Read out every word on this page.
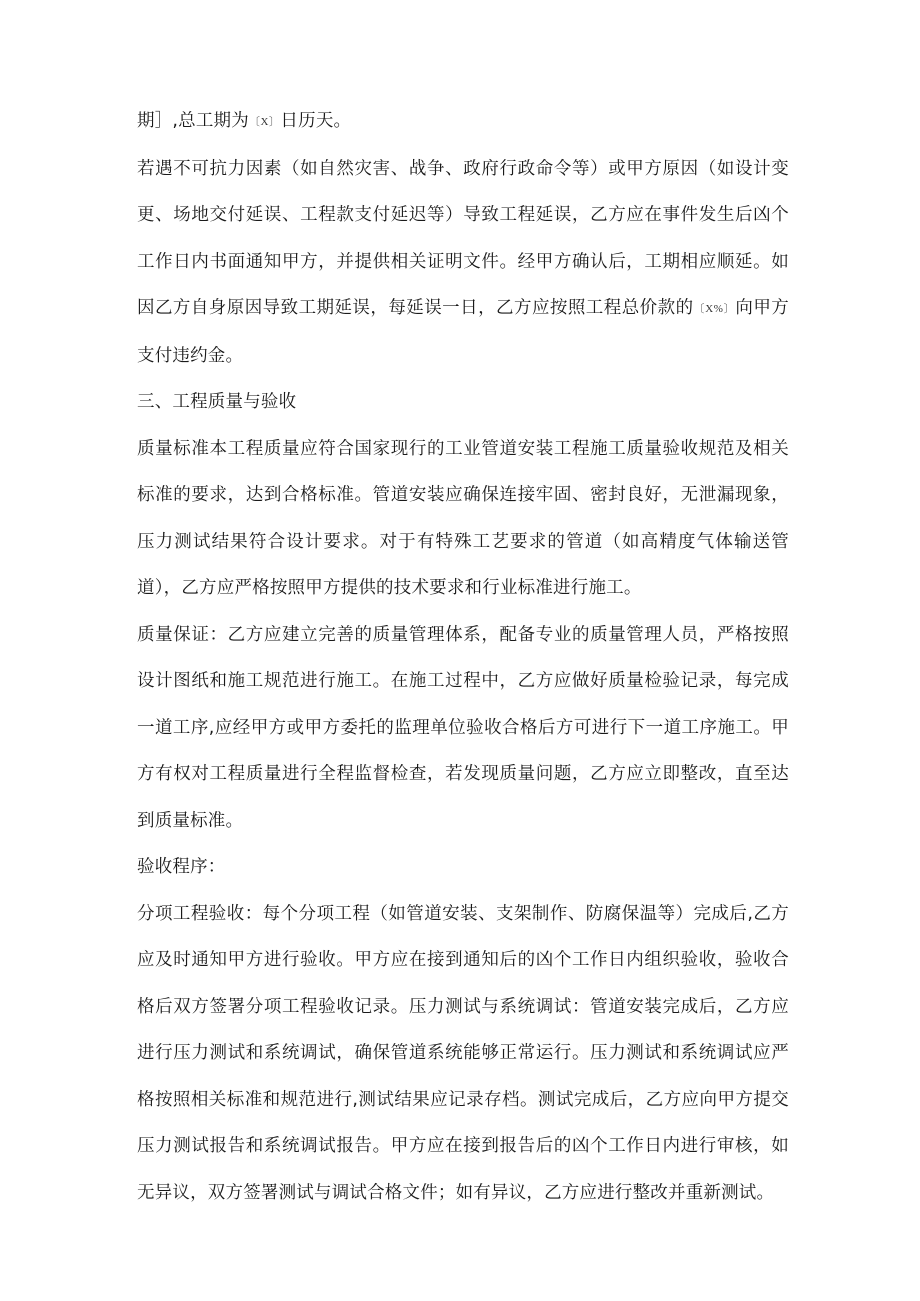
期］,总工期为〔X〕日历天。

若遇不可抗力因素（如自然灾害、战争、政府行政命令等）或甲方原因（如设计变更、场地交付延误、工程款支付延迟等）导致工程延误，乙方应在事件发生后凶个工作日内书面通知甲方，并提供相关证明文件。经甲方确认后，工期相应顺延。如因乙方自身原因导致工期延误，每延误一日，乙方应按照工程总价款的〔X%〕向甲方支付违约金。

三、工程质量与验收

质量标准本工程质量应符合国家现行的工业管道安装工程施工质量验收规范及相关标准的要求，达到合格标准。管道安装应确保连接牢固、密封良好，无泄漏现象，压力测试结果符合设计要求。对于有特殊工艺要求的管道（如高精度气体输送管道），乙方应严格按照甲方提供的技术要求和行业标准进行施工。

质量保证：乙方应建立完善的质量管理体系，配备专业的质量管理人员，严格按照设计图纸和施工规范进行施工。在施工过程中，乙方应做好质量检验记录，每完成一道工序,应经甲方或甲方委托的监理单位验收合格后方可进行下一道工序施工。甲方有权对工程质量进行全程监督检查，若发现质量问题，乙方应立即整改，直至达到质量标准。

验收程序：

分项工程验收：每个分项工程（如管道安装、支架制作、防腐保温等）完成后,乙方应及时通知甲方进行验收。甲方应在接到通知后的凶个工作日内组织验收，验收合格后双方签署分项工程验收记录。压力测试与系统调试：管道安装完成后，乙方应进行压力测试和系统调试，确保管道系统能够正常运行。压力测试和系统调试应严格按照相关标准和规范进行,测试结果应记录存档。测试完成后，乙方应向甲方提交压力测试报告和系统调试报告。甲方应在接到报告后的凶个工作日内进行审核，如无异议，双方签署测试与调试合格文件；如有异议，乙方应进行整改并重新测试。
